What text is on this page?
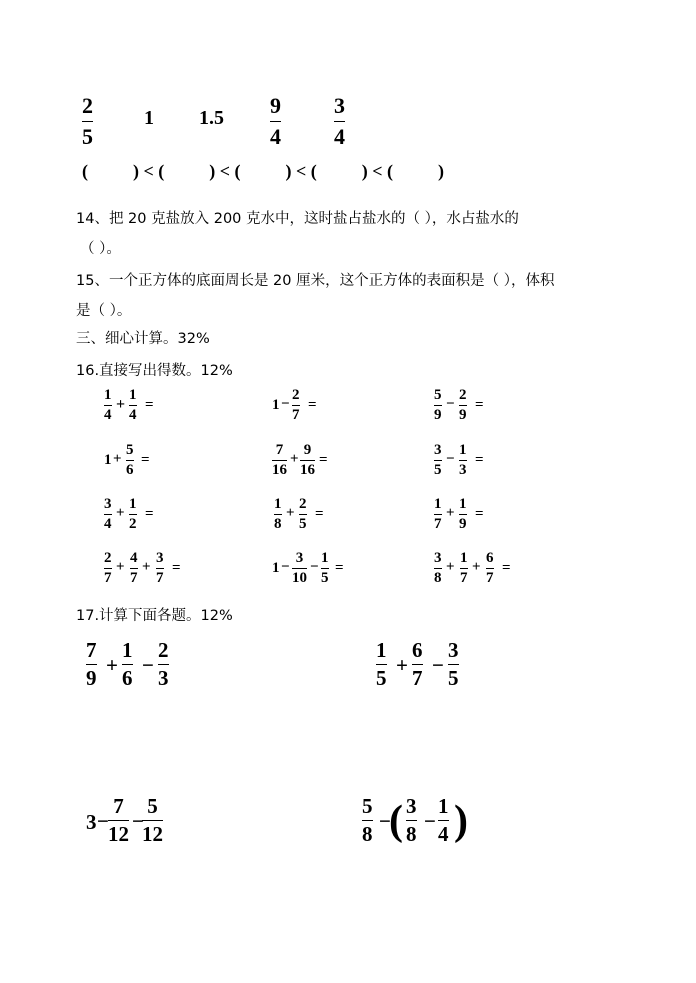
2
5
1 1.5 9
4
3
4
(          ) < (          ) < (          ) < (          ) < (          )
14、把 20 克盐放入 200 克水中，这时盐占盐水的（ ），水占盐水的
（ ）。
15、一个正方体的底面周长是 20 厘米，这个正方体的表面积是（ ），体积
是（ ）。
三、细心计算。32%
16.直接写出得数。12%
1
4
+
1
4
=	1 −
2
7
=
5
9
−
2
9
=
1 +
5
6
=
7
16
+
9
16
=
3
5
−
1
3
=
3
4
+
1
2
=
1
8
+
2
5
=
1
7
+
1
9
=
2
7
+
4
7
+
3
7
=	1 −
3
10
−
1
5
=
3
8
+
1
7
+
6
7
=
17.计算下面各题。12%
7
9
+
1
6
−
2
3
1
5
+
6
7
−
3
5
3 −
7
12
−
5
12
5
8
−
( 3
8
−
1
4 )
